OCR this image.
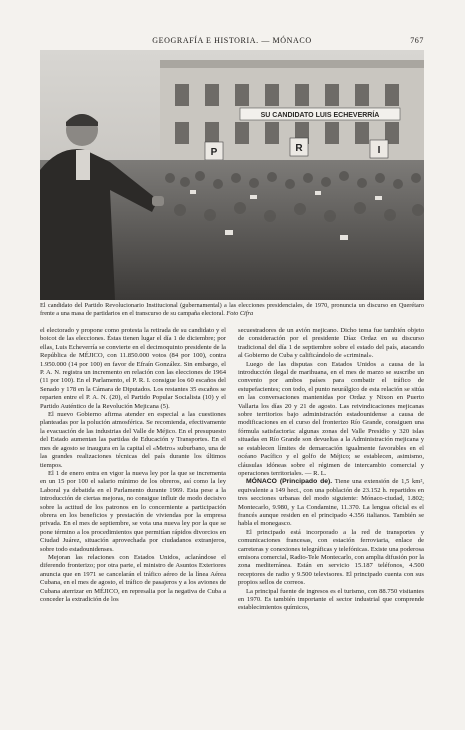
GEOGRAFÍA E HISTORIA. — MÓNACO	767
SU CANDIDATO LUIS ECHEVERRÍA
P	R	I
El candidato del Partido Revolucionario Institucional (gubernamental) a las elecciones presidenciales, de 1970, pronuncia un discurso en Querétaro frente a una masa de partidarios en el transcurso de su campaña electoral. Foto Cifra

el electorado y propone como protesta la retirada de su candidato y el boicot de las elecciones. Éstas tienen lugar el día 1 de diciembre; por ellas, Luis Echeverría se convierte en el decimoquinto presidente de la República de MÉJICO, con 11.850.000 votos (84 por 100), contra 1.950.000 (14 por 100) en favor de Efraín González. Sin embargo, el P. A. N. registra un incremento en relación con las elecciones de 1964 (11 por 100). En el Parlamento, el P. R. I. consigue los 60 escaños del Senado y 178 en la Cámara de Diputados. Los restantes 35 escaños se reparten entre el P. A. N. (20), el Partido Popular Socialista (10) y el Partido Auténtico de la Revolución Mejicana (5).

El nuevo Gobierno afirma atender en especial a las cuestiones planteadas por la polución atmosférica. Se recomienda, efectivamente la evacuación de las industrias del Valle de Méjico. En el presupuesto del Estado aumentan las partidas de Educación y Transportes. En el mes de agosto se inaugura en la capital el «Metro» suburbano, una de las grandes realizaciones técnicas del país durante los últimos tiempos.

El 1 de enero entra en vigor la nueva ley por la que se incrementa en un 15 por 100 el salario mínimo de los obreros, así como la ley Laboral ya debatida en el Parlamento durante 1969. Esta pese a la introducción de ciertas mejoras, no consigue influir de modo decisivo sobre la actitud de los patronos en lo concerniente a participación obrera en los beneficios y prestación de viviendas por la empresa privada. En el mes de septiembre, se vota una nueva ley por la que se pone término a los procedimientos que permitían rápidos divorcios en Ciudad Juárez, situación aprovechada por ciudadanos extranjeros, sobre todo estadounidenses.

Mejoran las relaciones con Estados Unidos, aclarándose el diferendo fronterizo; por otra parte, el ministro de Asuntos Exteriores anuncia que en 1971 se cancelarán el tráfico aéreo de la línea Aérea Cubana, en el mes de agosto, el tráfico de pasajeros y a los aviones de Cubana aterrizar en MÉJICO, en represalia por la negativa de Cuba a conceder la extradición de los

secuestradores de un avión mejicano. Dicho tema fue también objeto de consideración por el presidente Díaz Ordaz en su discurso tradicional del día 1 de septiembre sobre el estado del país, atacando al Gobierno de Cuba y calificándolo de «criminal».

Luego de las disputas con Estados Unidos a causa de la introducción ilegal de marihuana, en el mes de marzo se suscribe un convenio por ambos países para combatir el tráfico de estupefacientes; con todo, el punto neurálgico de esta relación se sitúa en las conversaciones mantenidas por Ordaz y Nixon en Puerto Vallarta los días 20 y 21 de agosto. Las reivindicaciones mejicanas sobre territorios bajo administración estadounidense a causa de modificaciones en el curso del fronterizo Río Grande, consiguen una fórmula satisfactoria: algunas zonas del Valle Presidio y 320 islas situadas en Río Grande son devueltas a la Administración mejicana y se establecen límites de demarcación igualmente favorables en el océano Pacífico y el golfo de Méjico; se establecen, asimismo, cláusulas idóneas sobre el régimen de intercambio comercial y operaciones territoriales. — R. L.

MÓNACO (Principado de). Tiene una extensión de 1,5 km², equivalente a 149 hect., con una población de 23.152 h. repartidos en tres secciones urbanas del modo siguiente: Mónaco-ciudad, 1.802; Montecarlo, 9.980, y La Condamine, 11.370. La lengua oficial es el francés aunque residen en el principado 4.356 italianos. También se habla el monegasco.

El principado está incorporado a la red de transportes y comunicaciones francesas, con estación ferroviaria, enlace de carreteras y conexiones telegráficas y telefónicas. Existe una poderosa emisora comercial, Radio-Tele Montecarlo, con amplia difusión por la zona mediterránea. Están en servicio 15.187 teléfonos, 4.500 receptores de radio y 9.500 televisores. El principado cuenta con sus propios sellos de correos.

La principal fuente de ingresos es el turismo, con 88.750 visitantes en 1970. Es también importante el sector industrial que comprende establecimientos químicos,
